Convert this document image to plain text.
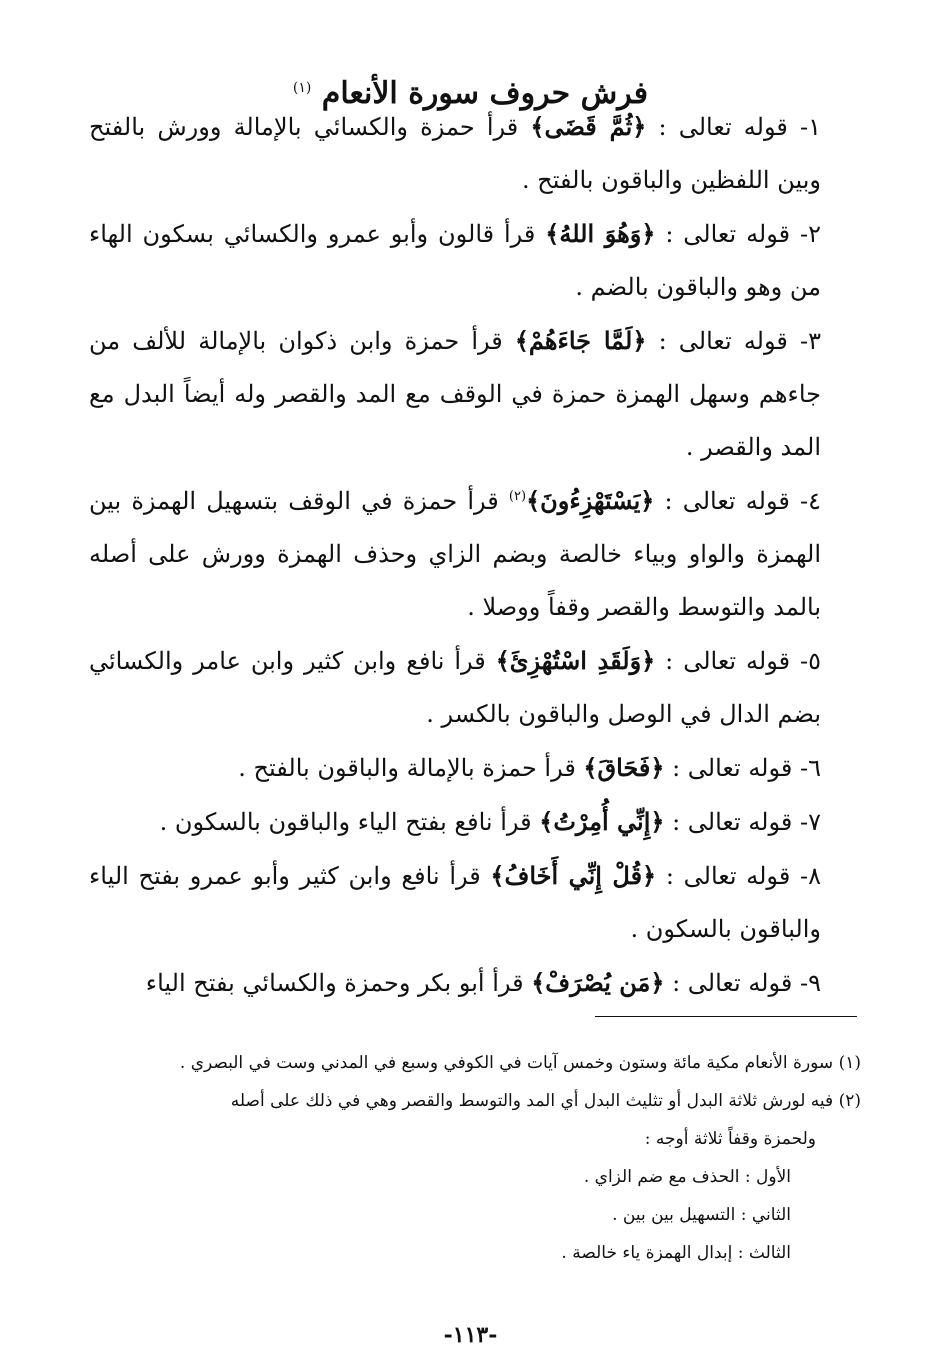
فرش حروف سورة الأنعام $^{(١)}$

١- قوله تعالى : ﴿ثُمَّ قَضَى﴾ قرأ حمزة والكسائي بالإمالة وورش بالفتح وبين اللفظين والباقون بالفتح .

٢- قوله تعالى : ﴿وَهُوَ اللهُ﴾ قرأ قالون وأبو عمرو والكسائي بسكون الهاء من وهو والباقون بالضم .

٣- قوله تعالى : ﴿لَمَّا جَاءَهُمْ﴾ قرأ حمزة وابن ذكوان بالإمالة للألف من جاءهم وسهل الهمزة حمزة في الوقف مع المد والقصر وله أيضاً البدل مع المد والقصر .

٤- قوله تعالى : ﴿يَسْتَهْزِءُونَ﴾$^{(٢)}$ قرأ حمزة في الوقف بتسهيل الهمزة بين الهمزة والواو وبياء خالصة وبضم الزاي وحذف الهمزة وورش على أصله بالمد والتوسط والقصر وقفاً ووصلا .

٥- قوله تعالى : ﴿وَلَقَدِ اسْتُهْزِئَ﴾ قرأ نافع وابن كثير وابن عامر والكسائي بضم الدال في الوصل والباقون بالكسر .

٦- قوله تعالى : ﴿فَحَاقَ﴾ قرأ حمزة بالإمالة والباقون بالفتح .

٧- قوله تعالى : ﴿إِنِّي أُمِرْتُ﴾ قرأ نافع بفتح الياء والباقون بالسكون .

٨- قوله تعالى : ﴿قُلْ إِنِّي أَخَافُ﴾ قرأ نافع وابن كثير وأبو عمرو بفتح الياء والباقون بالسكون .

٩- قوله تعالى : ﴿مَن يُصْرَفْ﴾ قرأ أبو بكر وحمزة والكسائي بفتح الياء

(١) سورة الأنعام مكية مائة وستون وخمس آيات في الكوفي وسبع في المدني وست في البصري .

(٢) فيه لورش ثلاثة البدل أو تثليث البدل أي المد والتوسط والقصر وهي في ذلك على أصله

ولحمزة وقفاً ثلاثة أوجه :

الأول : الحذف مع ضم الزاي .

الثاني : التسهيل بين بين .

الثالث : إبدال الهمزة ياء خالصة .

-١١٣-
